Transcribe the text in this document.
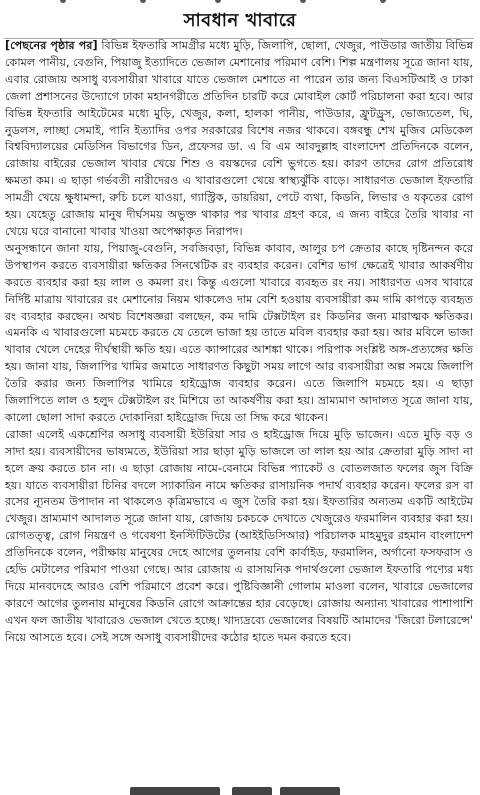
সাবধান খাবারে

[পেছনের পৃষ্ঠার পর] বিভিন্ন ইফতারি সামগ্রীর মধ্যে মুড়ি, জিলাপি, ছোলা, খেজুর, পাউডার জাতীয় বিভিন্ন কোমল পানীয়, বেগুনি, পিয়াজু ইত্যাদিতে ভেজাল মেশানোর পরিমাণ বেশি। শিল্প মন্ত্রণালয় সূত্রে জানা যায়, এবার রোজায় অসাধু ব্যবসায়ীরা খাবারে যাতে ভেজাল মেশাতে না পারেন তার জন্য বিএসটিআই ও ঢাকা জেলা প্রশাসনের উদ্যোগে ঢাকা মহানগরীতে প্রতিদিন চারটি করে মোবাইল কোর্ট পরিচালনা করা হবে। আর বিভিন্ন ইফতারি আইটেমের মধ্যে মুড়ি, খেজুর, কলা, হালকা পানীয়, পাউডার, ফ্রুটড্রুস, ভোজ্যতেল, ঘি, নুডলস, লাচ্ছা সেমাই, পানি ইত্যাদির ওপর সরকারের বিশেষ নজর থাকবে। বঙ্গবন্ধু শেখ মুজিব মেডিকেল বিশ্ববিদ্যালয়ের মেডিসিন বিভাগের ডিন, প্রফেসর ডা. এ বি এম আবদুল্লাহ বাংলাদেশ প্রতিদিনকে বলেন, রোজায় বাইরের ভেজাল খাবার খেয়ে শিশু ও বয়স্কদের বেশি ভুগতে হয়। কারণ তাদের রোগ প্রতিরোধ ক্ষমতা কম। এ ছাড়া গর্ভবতী নারীদেরও এ খাবারগুলো খেয়ে স্বাস্থ্যঝুঁকি বাড়ে। সাধারণত ভেজাল ইফতারি সামগ্রী খেয়ে ক্ষুধামন্দা, রুচি চলে যাওয়া, গ্যাস্ট্রিক, ডায়রিয়া, পেটে ব্যথা, কিডনি, লিভার ও যকৃতের রোগ হয়। যেহেতু রোজায় মানুষ দীর্ঘসময় অভুক্ত থাকার পর খাবার গ্রহণ করে, এ জন্য বাইরে তৈরি খাবার না খেয়ে ঘরে বানানো খাবার খাওয়া অপেক্ষাকৃত নিরাপদ।

অনুসন্ধানে জানা যায়, পিয়াজু-বেগুনি, সবজিবড়া, বিভিন্ন কাবাব, আলুর চপ ক্রেতার কাছে দৃষ্টিনন্দন করে উপস্থাপন করতে ব্যবসায়ীরা ক্ষতিকর সিনথেটিক রং ব্যবহার করেন। বেশির ভাগ ক্ষেত্রেই খাবার আকর্ষণীয় করতে ব্যবহার করা হয় লাল ও কমলা রং। কিন্তু এগুলো খাবারে ব্যবহৃত রং নয়। সাধারণত এসব খাবারে নির্দিষ্ট মাত্রায় খাবারের রং মেশানোর নিয়ম থাকলেও দাম বেশি হওয়ায় ব্যবসায়ীরা কম দামি কাপড়ে ব্যবহৃত রং ব্যবহার করছেন। অথচ বিশেষজ্ঞরা বলছেন, কম দামি টেক্সটাইল রং কিডনির জন্য মারাত্মক ক্ষতিকর। এমনকি এ খাবারগুলো মচমচে করতে যে তেলে ভাজা হয় তাতে মবিল ব্যবহার করা হয়। আর মবিলে ভাজা খাবার খেলে দেহের দীর্ঘস্থায়ী ক্ষতি হয়। এতে ক্যান্সারের আশঙ্কা থাকে। পরিপাক সংশ্লিষ্ট অঙ্গ-প্রত্যঙ্গের ক্ষতি হয়। জানা যায়, জিলাপির খামির জমাতে সাধারণত কিছুটা সময় লাগে আর ব্যবসায়ীরা অল্প সময়ে জিলাপি তৈরি করার জন্য জিলাপির খামিরে হাইড্রোজ ব্যবহার করেন। এতে জিলাপি মচমচে হয়। এ ছাড়া জিলাপিতে লাল ও হলুদ টেক্সটাইল রং মিশিয়ে তা আকর্ষণীয় করা হয়। ভ্রাম্যমাণ আদালত সূত্রে জানা যায়, কালো ছোলা সাদা করতে দোকানিরা হাইড্রোজ দিয়ে তা সিদ্ধ করে থাকেন।

রোজা এলেই একশ্রেণির অসাধু ব্যবসায়ী ইউরিয়া সার ও হাইড্রোজ দিয়ে মুড়ি ভাজেন। এতে মুড়ি বড় ও সাদা হয়। ব্যবসায়ীদের ভাষ্যমতে, ইউরিয়া সার ছাড়া মুড়ি ভাজলে তা লাল হয় আর ক্রেতারা মুড়ি সাদা না হলে ক্রয় করতে চান না। এ ছাড়া রোজায় নামে-বেনামে বিভিন্ন প্যাকেট ও বোতলজাত ফলের জুস বিক্রি হয়। যাতে ব্যবসায়ীরা চিনির বদলে স্যাকারিন নামে ক্ষতিকর রাসায়নিক পদার্থ ব্যবহার করেন। ফলের রস বা রসের ন্যূনতম উপাদান না থাকলেও কৃত্রিমভাবে এ জুস তৈরি করা হয়। ইফতারির অন্যতম একটি আইটেম খেজুর। ভ্রাম্যমাণ আদালত সূত্রে জানা যায়, রোজায় চকচকে দেখাতে খেজুরেও ফরমালিন ব্যবহার করা হয়। রোগতত্ত্ব, রোগ নিয়ন্ত্রণ ও গবেষণা ইনস্টিটিউটের (আইইডিসিআর) পরিচালক মাহমুদুর রহমান বাংলাদেশ প্রতিদিনকে বলেন, পরীক্ষায় মানুষের দেহে আগের তুলনায় বেশি কার্বাইড, ফরমালিন, অর্গানো ফসফরাস ও হেভি মেটালের পরিমাণ পাওয়া গেছে। আর রোজায় এ রাসায়নিক পদার্থগুলো ভেজাল ইফতারি পণ্যের মধ্য দিয়ে মানবদেহে আরও বেশি পরিমাণে প্রবেশ করে। পুষ্টিবিজ্ঞানী গোলাম মাওলা বলেন, খাবারে ভেজালের কারণে আগের তুলনায় মানুষের কিডনি রোগে আক্রান্তের হার বেড়েছে। রোজায় অন্যান্য খাবারের পাশাপাশি এখন ফল জাতীয় খাবারেও ভেজাল খেতে হচ্ছে। খাদ্যদ্রব্যে ভেজালের বিষয়টি আমাদের 'জিরো টলারেন্সে' নিয়ে আসতে হবে। সেই সঙ্গে অসাধু ব্যবসায়ীদের কঠোর হাতে দমন করতে হবে।
